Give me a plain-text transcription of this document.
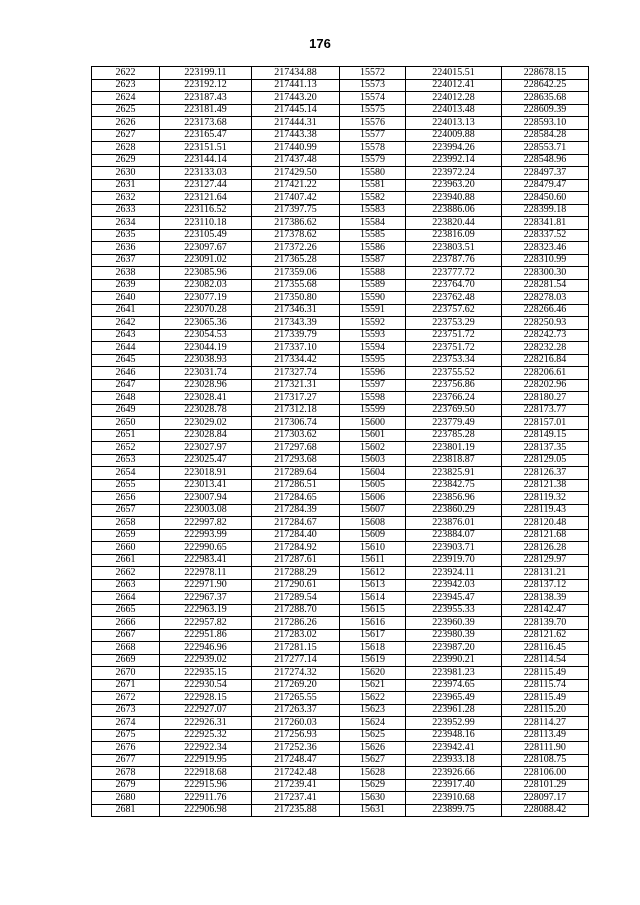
176
2622	223199.11	217434.88	15572	224015.51	228678.15
2623	223192.12	217441.13	15573	224012.41	228642.25
2624	223187.43	217443.20	15574	224012.28	228635.68
2625	223181.49	217445.14	15575	224013.48	228609.39
2626	223173.68	217444.31	15576	224013.13	228593.10
2627	223165.47	217443.38	15577	224009.88	228584.28
2628	223151.51	217440.99	15578	223994.26	228553.71
2629	223144.14	217437.48	15579	223992.14	228548.96
2630	223133.03	217429.50	15580	223972.24	228497.37
2631	223127.44	217421.22	15581	223963.20	228479.47
2632	223121.64	217407.42	15582	223940.88	228450.60
2633	223116.52	217397.75	15583	223886.06	228399.18
2634	223110.18	217386.62	15584	223820.44	228341.81
2635	223105.49	217378.62	15585	223816.09	228337.52
2636	223097.67	217372.26	15586	223803.51	228323.46
2637	223091.02	217365.28	15587	223787.76	228310.99
2638	223085.96	217359.06	15588	223777.72	228300.30
2639	223082.03	217355.68	15589	223764.70	228281.54
2640	223077.19	217350.80	15590	223762.48	228278.03
2641	223070.28	217346.31	15591	223757.62	228266.46
2642	223065.36	217343.39	15592	223753.29	228250.93
2643	223054.53	217339.79	15593	223751.72	228242.73
2644	223044.19	217337.10	15594	223751.72	228232.28
2645	223038.93	217334.42	15595	223753.34	228216.84
2646	223031.74	217327.74	15596	223755.52	228206.61
2647	223028.96	217321.31	15597	223756.86	228202.96
2648	223028.41	217317.27	15598	223766.24	228180.27
2649	223028.78	217312.18	15599	223769.50	228173.77
2650	223029.02	217306.74	15600	223779.49	228157.01
2651	223028.84	217303.62	15601	223785.28	228149.15
2652	223027.97	217297.68	15602	223801.19	228137.35
2653	223025.47	217293.68	15603	223818.87	228129.05
2654	223018.91	217289.64	15604	223825.91	228126.37
2655	223013.41	217286.51	15605	223842.75	228121.38
2656	223007.94	217284.65	15606	223856.96	228119.32
2657	223003.08	217284.39	15607	223860.29	228119.43
2658	222997.82	217284.67	15608	223876.01	228120.48
2659	222993.99	217284.40	15609	223884.07	228121.68
2660	222990.65	217284.92	15610	223903.71	228126.28
2661	222983.41	217287.61	15611	223919.70	228129.97
2662	222978.11	217288.29	15612	223924.11	228131.21
2663	222971.90	217290.61	15613	223942.03	228137.12
2664	222967.37	217289.54	15614	223945.47	228138.39
2665	222963.19	217288.70	15615	223955.33	228142.47
2666	222957.82	217286.26	15616	223960.39	228139.70
2667	222951.86	217283.02	15617	223980.39	228121.62
2668	222946.96	217281.15	15618	223987.20	228116.45
2669	222939.02	217277.14	15619	223990.21	228114.54
2670	222935.15	217274.32	15620	223981.23	228115.49
2671	222930.54	217269.20	15621	223974.65	228115.74
2672	222928.15	217265.55	15622	223965.49	228115.49
2673	222927.07	217263.37	15623	223961.28	228115.20
2674	222926.31	217260.03	15624	223952.99	228114.27
2675	222925.32	217256.93	15625	223948.16	228113.49
2676	222922.34	217252.36	15626	223942.41	228111.90
2677	222919.95	217248.47	15627	223933.18	228108.75
2678	222918.68	217242.48	15628	223926.66	228106.00
2679	222915.96	217239.41	15629	223917.40	228101.29
2680	222911.76	217237.41	15630	223910.68	228097.17
2681	222906.98	217235.88	15631	223899.75	228088.42
